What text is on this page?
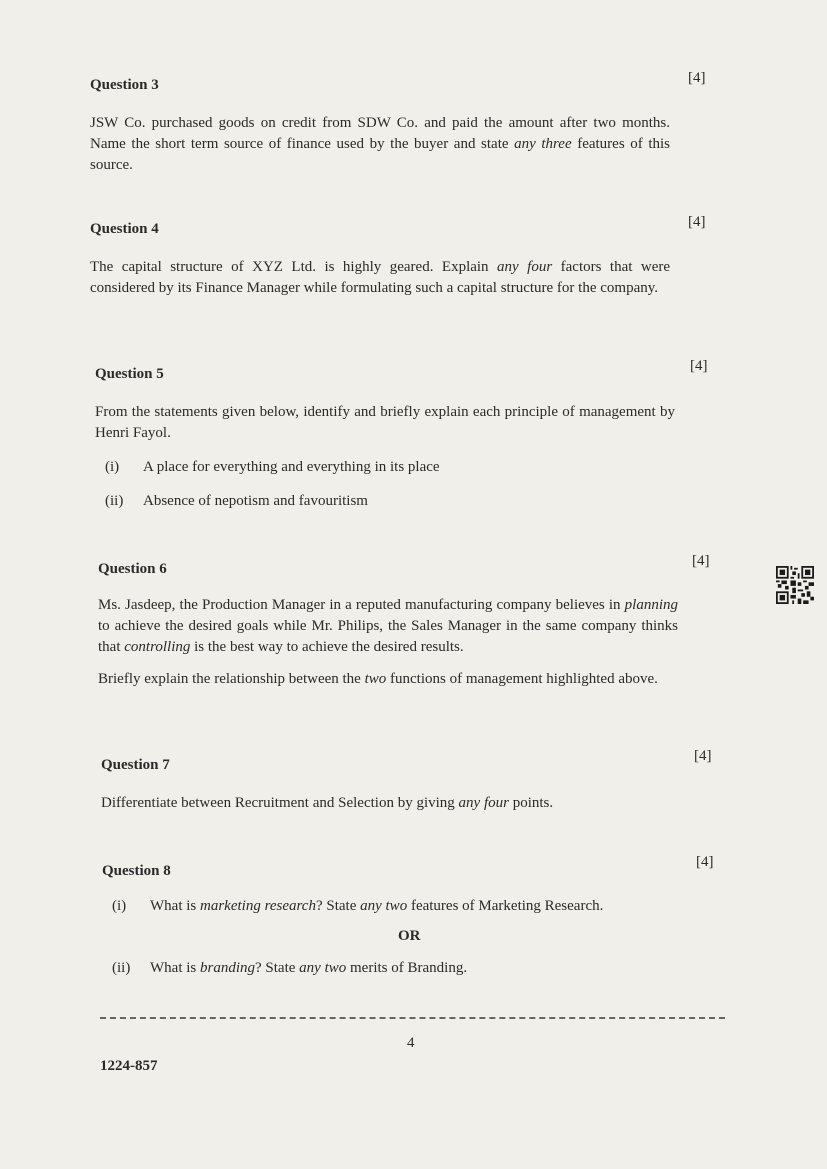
Question 3

JSW Co. purchased goods on credit from SDW Co. and paid the amount after two months. Name the short term source of finance used by the buyer and state any three features of this source.

[4]
Question 4

The capital structure of XYZ Ltd. is highly geared. Explain any four factors that were considered by its Finance Manager while formulating such a capital structure for the company.

[4]
Question 5

From the statements given below, identify and briefly explain each principle of management by Henri Fayol.

(i)	A place for everything and everything in its place
(ii)	Absence of nepotism and favouritism
[4]
Question 6

Ms. Jasdeep, the Production Manager in a reputed manufacturing company believes in planning to achieve the desired goals while Mr. Philips, the Sales Manager in the same company thinks that controlling is the best way to achieve the desired results.

Briefly explain the relationship between the two functions of management highlighted above.

[4]
Question 7

Differentiate between Recruitment and Selection by giving any four points.

[4]
Question 8
(i)	What is marketing research? State any two features of Marketing Research.
(ii)	What is branding? State any two merits of Branding.
OR
[4]
4
1224-857
